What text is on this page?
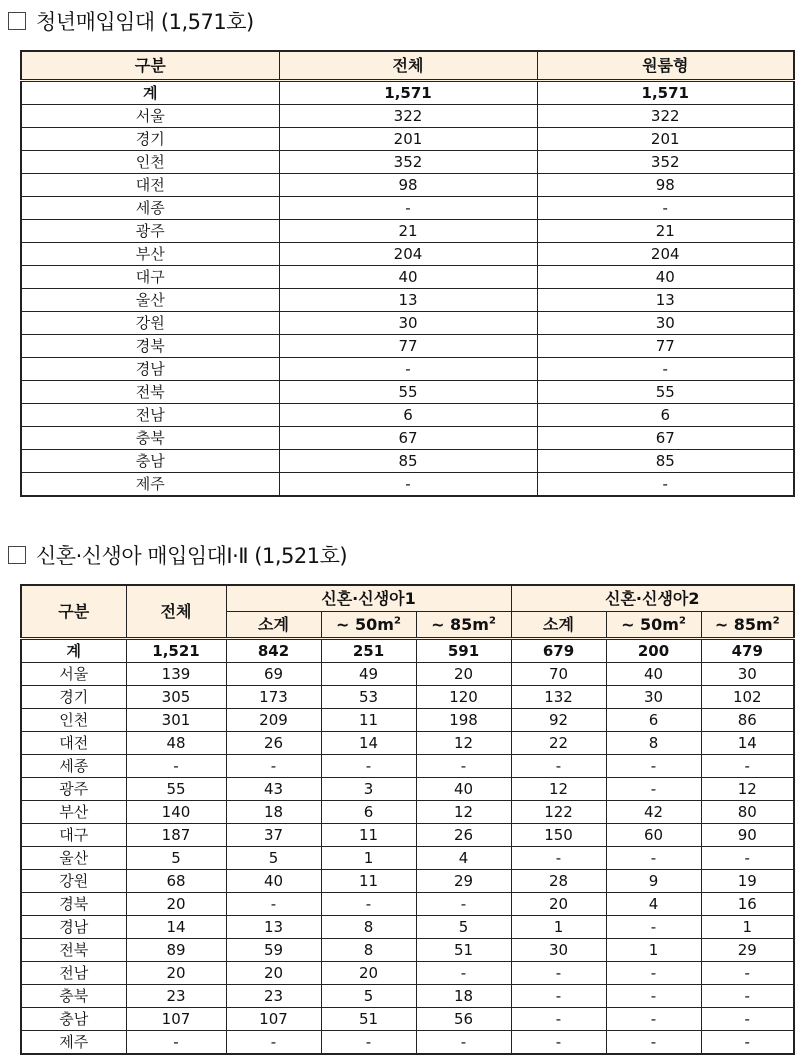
청년매입임대 (1,571호)
구분	전체	원룸형
계	1,571	1,571
서울	322	322
경기	201	201
인천	352	352
대전	98	98
세종	-	-
광주	21	21
부산	204	204
대구	40	40
울산	13	13
강원	30	30
경북	77	77
경남	-	-
전북	55	55
전남	6	6
충북	67	67
충남	85	85
제주	-	-
신혼·신생아 매입임대Ⅰ·Ⅱ (1,521호)
구분	전체	신혼·신생아1			신혼·신생아2		
		소계	~ $50m^2$	~ $85m^2$	소계	~ $50m^2$	~ $85m^2$
계	1,521	842	251	591	679	200	479
서울	139	69	49	20	70	40	30
경기	305	173	53	120	132	30	102
인천	301	209	11	198	92	6	86
대전	48	26	14	12	22	8	14
세종	-	-	-	-	-	-	-
광주	55	43	3	40	12	-	12
부산	140	18	6	12	122	42	80
대구	187	37	11	26	150	60	90
울산	5	5	1	4	-	-	-
강원	68	40	11	29	28	9	19
경북	20	-	-	-	20	4	16
경남	14	13	8	5	1	-	1
전북	89	59	8	51	30	1	29
전남	20	20	20	-	-	-	-
충북	23	23	5	18	-	-	-
충남	107	107	51	56	-	-	-
제주	-	-	-	-	-	-	-
